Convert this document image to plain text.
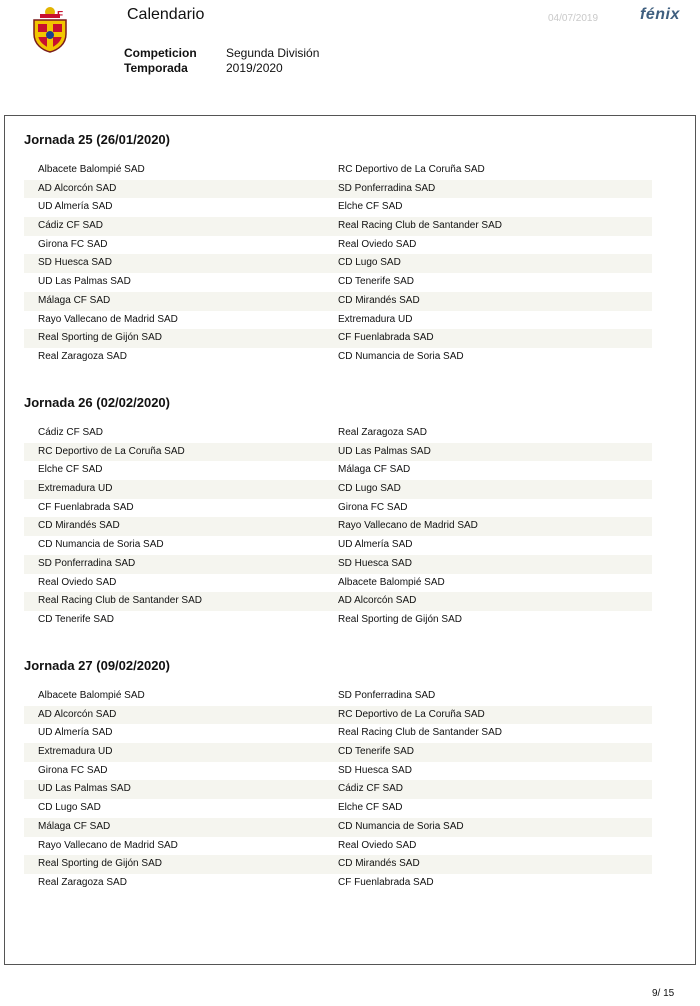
F	Calendario	04/07/2019	fénix
Competicion	Segunda División
Temporada	2019/2020
Jornada 25 (26/01/2020)
Albacete Balompié SAD	RC Deportivo de La Coruña SAD
AD Alcorcón SAD	SD Ponferradina SAD
UD Almería SAD	Elche CF SAD
Cádiz CF SAD	Real Racing Club de Santander SAD
Girona FC SAD	Real Oviedo SAD
SD Huesca SAD	CD Lugo SAD
UD Las Palmas SAD	CD Tenerife SAD
Málaga CF SAD	CD Mirandés SAD
Rayo Vallecano de Madrid SAD	Extremadura UD
Real Sporting de Gijón SAD	CF Fuenlabrada SAD
Real Zaragoza SAD	CD Numancia de Soria SAD
Jornada 26 (02/02/2020)
Cádiz CF SAD	Real Zaragoza SAD
RC Deportivo de La Coruña SAD	UD Las Palmas SAD
Elche CF SAD	Málaga CF SAD
Extremadura UD	CD Lugo SAD
CF Fuenlabrada SAD	Girona FC SAD
CD Mirandés SAD	Rayo Vallecano de Madrid SAD
CD Numancia de Soria SAD	UD Almería SAD
SD Ponferradina SAD	SD Huesca SAD
Real Oviedo SAD	Albacete Balompié SAD
Real Racing Club de Santander SAD	AD Alcorcón SAD
CD Tenerife SAD	Real Sporting de Gijón SAD
Jornada 27 (09/02/2020)
Albacete Balompié SAD	SD Ponferradina SAD
AD Alcorcón SAD	RC Deportivo de La Coruña SAD
UD Almería SAD	Real Racing Club de Santander SAD
Extremadura UD	CD Tenerife SAD
Girona FC SAD	SD Huesca SAD
UD Las Palmas SAD	Cádiz CF SAD
CD Lugo SAD	Elche CF SAD
Málaga CF SAD	CD Numancia de Soria SAD
Rayo Vallecano de Madrid SAD	Real Oviedo SAD
Real Sporting de Gijón SAD	CD Mirandés SAD
Real Zaragoza SAD	CF Fuenlabrada SAD
9/ 15
